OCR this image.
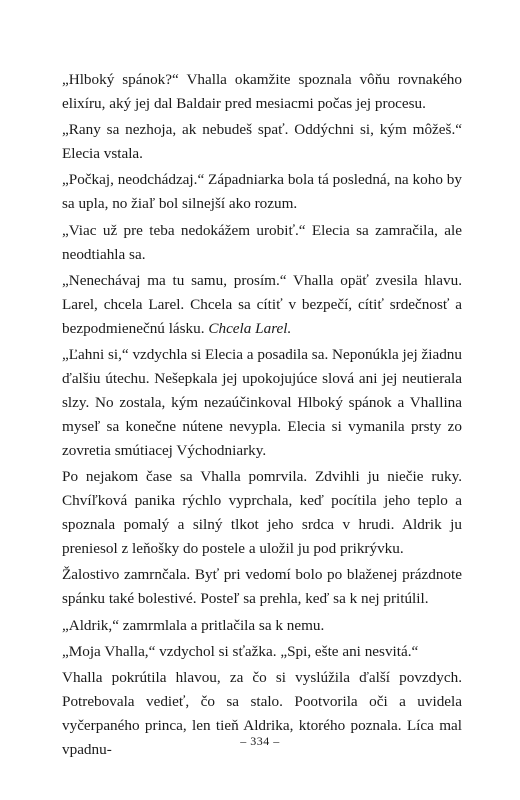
„Hlboký spánok?“ Vhalla okamžite spoznala vôňu rovnakého elixíru, aký jej dal Baldair pred mesiacmi počas jej procesu.

„Rany sa nezhoja, ak nebudeš spať. Oddýchni si, kým môžeš.“ Elecia vstala.

„Počkaj, neodchádzaj.“ Západniarka bola tá posledná, na koho by sa upla, no žiaľ bol silnejší ako rozum.

„Viac už pre teba nedokážem urobiť.“ Elecia sa zamračila, ale neodtiahla sa.

„Nenechávaj ma tu samu, prosím.“ Vhalla opäť zvesila hlavu. Larel, chcela Larel. Chcela sa cítiť v bezpečí, cítiť srdečnosť a bezpodmienečnú lásku. Chcela Larel.

„Ľahni si,“ vzdychla si Elecia a posadila sa. Neponúkla jej žiadnu ďalšiu útechu. Nešepkala jej upokojujúce slová ani jej neutierala slzy. No zostala, kým nezaúčinkoval Hlboký spánok a Vhallina myseľ sa konečne nútene nevypla. Elecia si vymanila prsty zo zovretia smútiacej Východniarky.

Po nejakom čase sa Vhalla pomrvila. Zdvihli ju niečie ruky. Chvíľková panika rýchlo vyprchala, keď pocítila jeho teplo a spoznala pomalý a silný tlkot jeho srdca v hrudi. Aldrik ju preniesol z leňošky do postele a uložil ju pod prikrývku.

Žalostivo zamrnčala. Byť pri vedomí bolo po blaženej prázdnote spánku také bolestivé. Posteľ sa prehla, keď sa k nej pritúlil.

„Aldrik,“ zamrmlala a pritlačila sa k nemu.

„Moja Vhalla,“ vzdychol si sťažka. „Spi, ešte ani nesvitá.“

Vhalla pokrútila hlavou, za čo si vyslúžila ďalší povzdych. Potrebovala vedieť, čo sa stalo. Pootvorila oči a uvidela vyčerpaného princa, len tieň Aldrika, ktorého poznala. Líca mal vpadnu-	– 334 –
